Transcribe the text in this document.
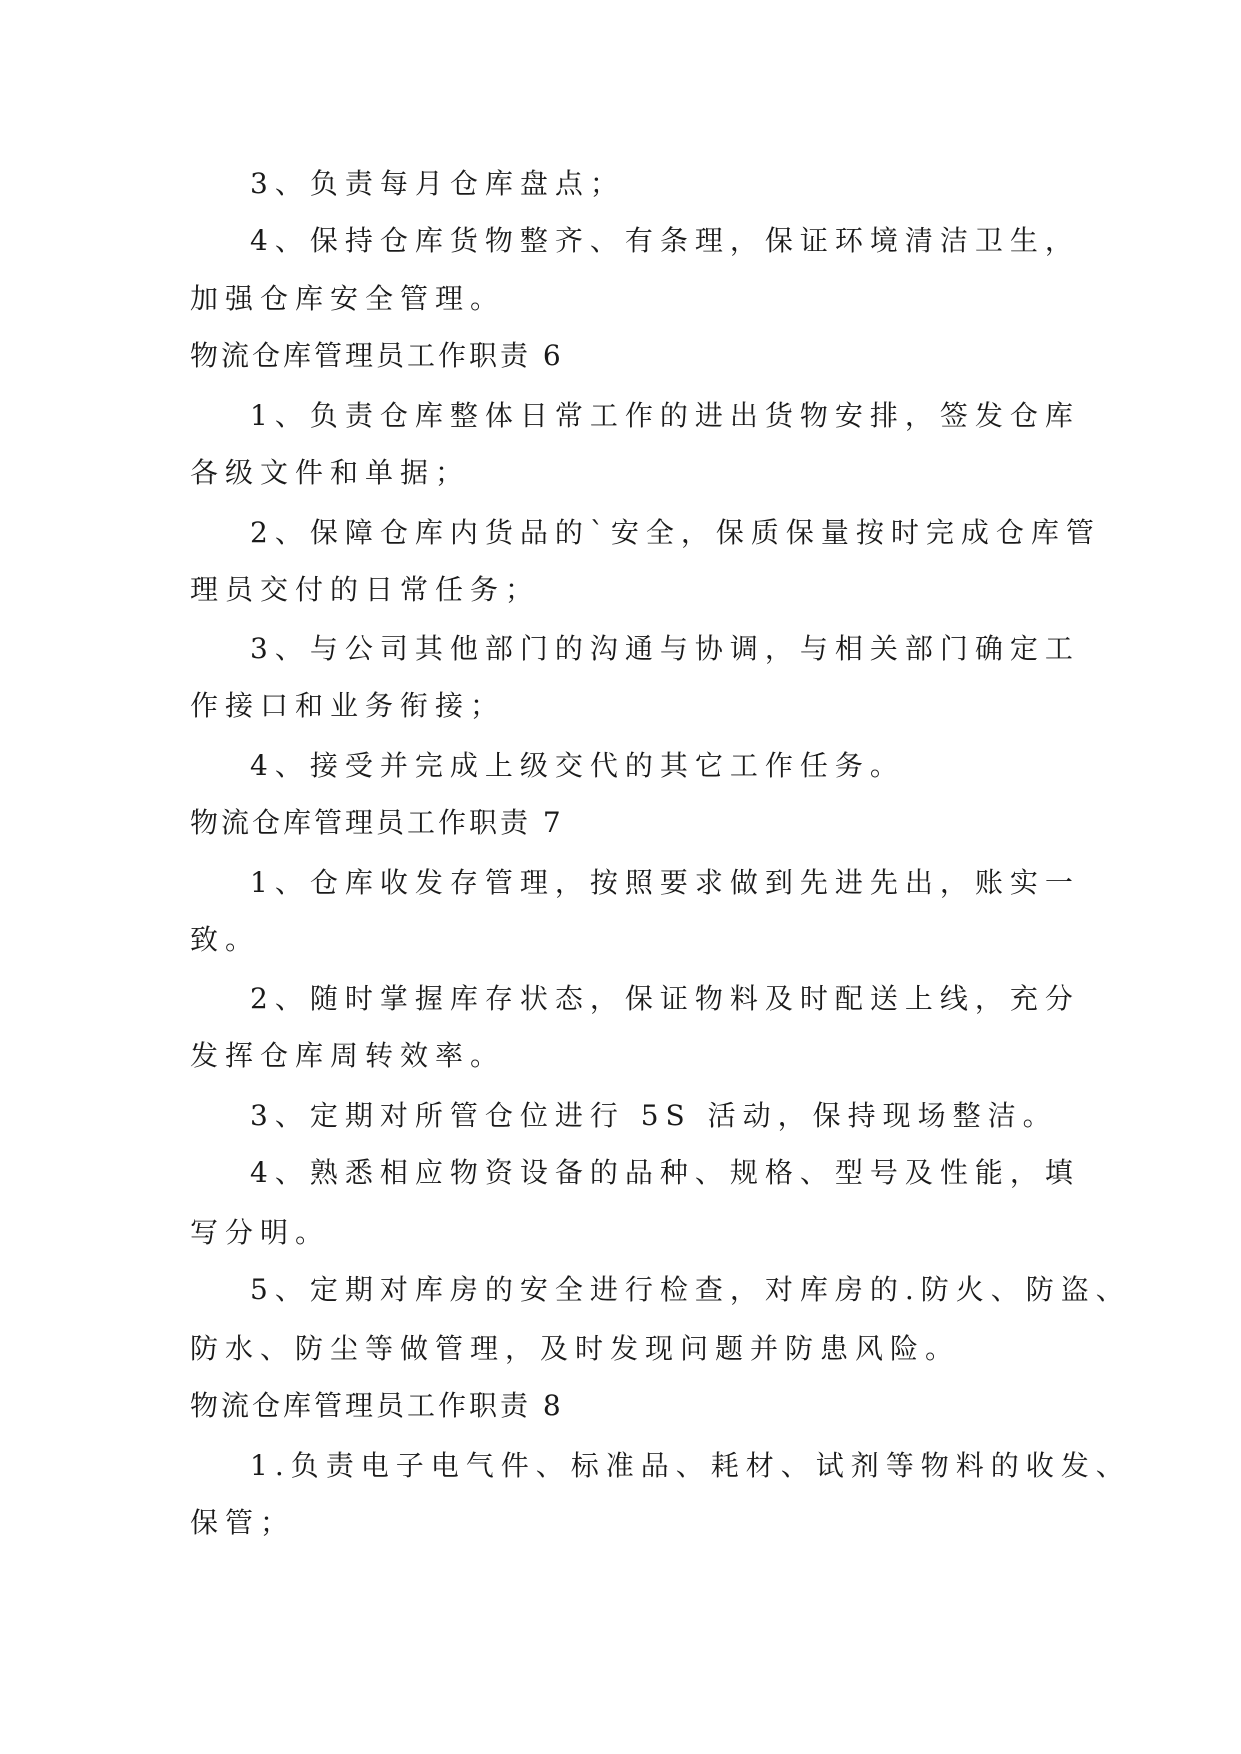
3、负责每月仓库盘点；
4、保持仓库货物整齐、有条理，保证环境清洁卫生，
加强仓库安全管理。
物流仓库管理员工作职责 6
1、负责仓库整体日常工作的进出货物安排，签发仓库
各级文件和单据；
2、保障仓库内货品的`安全，保质保量按时完成仓库管
理员交付的日常任务；
3、与公司其他部门的沟通与协调，与相关部门确定工
作接口和业务衔接；
4、接受并完成上级交代的其它工作任务。
物流仓库管理员工作职责 7
1、仓库收发存管理，按照要求做到先进先出，账实一
致。
2、随时掌握库存状态，保证物料及时配送上线，充分
发挥仓库周转效率。
3、定期对所管仓位进行 5S 活动，保持现场整洁。
4、熟悉相应物资设备的品种、规格、型号及性能，填
写分明。
5、定期对库房的安全进行检查，对库房的.防火、防盗、
防水、防尘等做管理，及时发现问题并防患风险。
物流仓库管理员工作职责 8
1.负责电子电气件、标准品、耗材、试剂等物料的收发、
保管；
